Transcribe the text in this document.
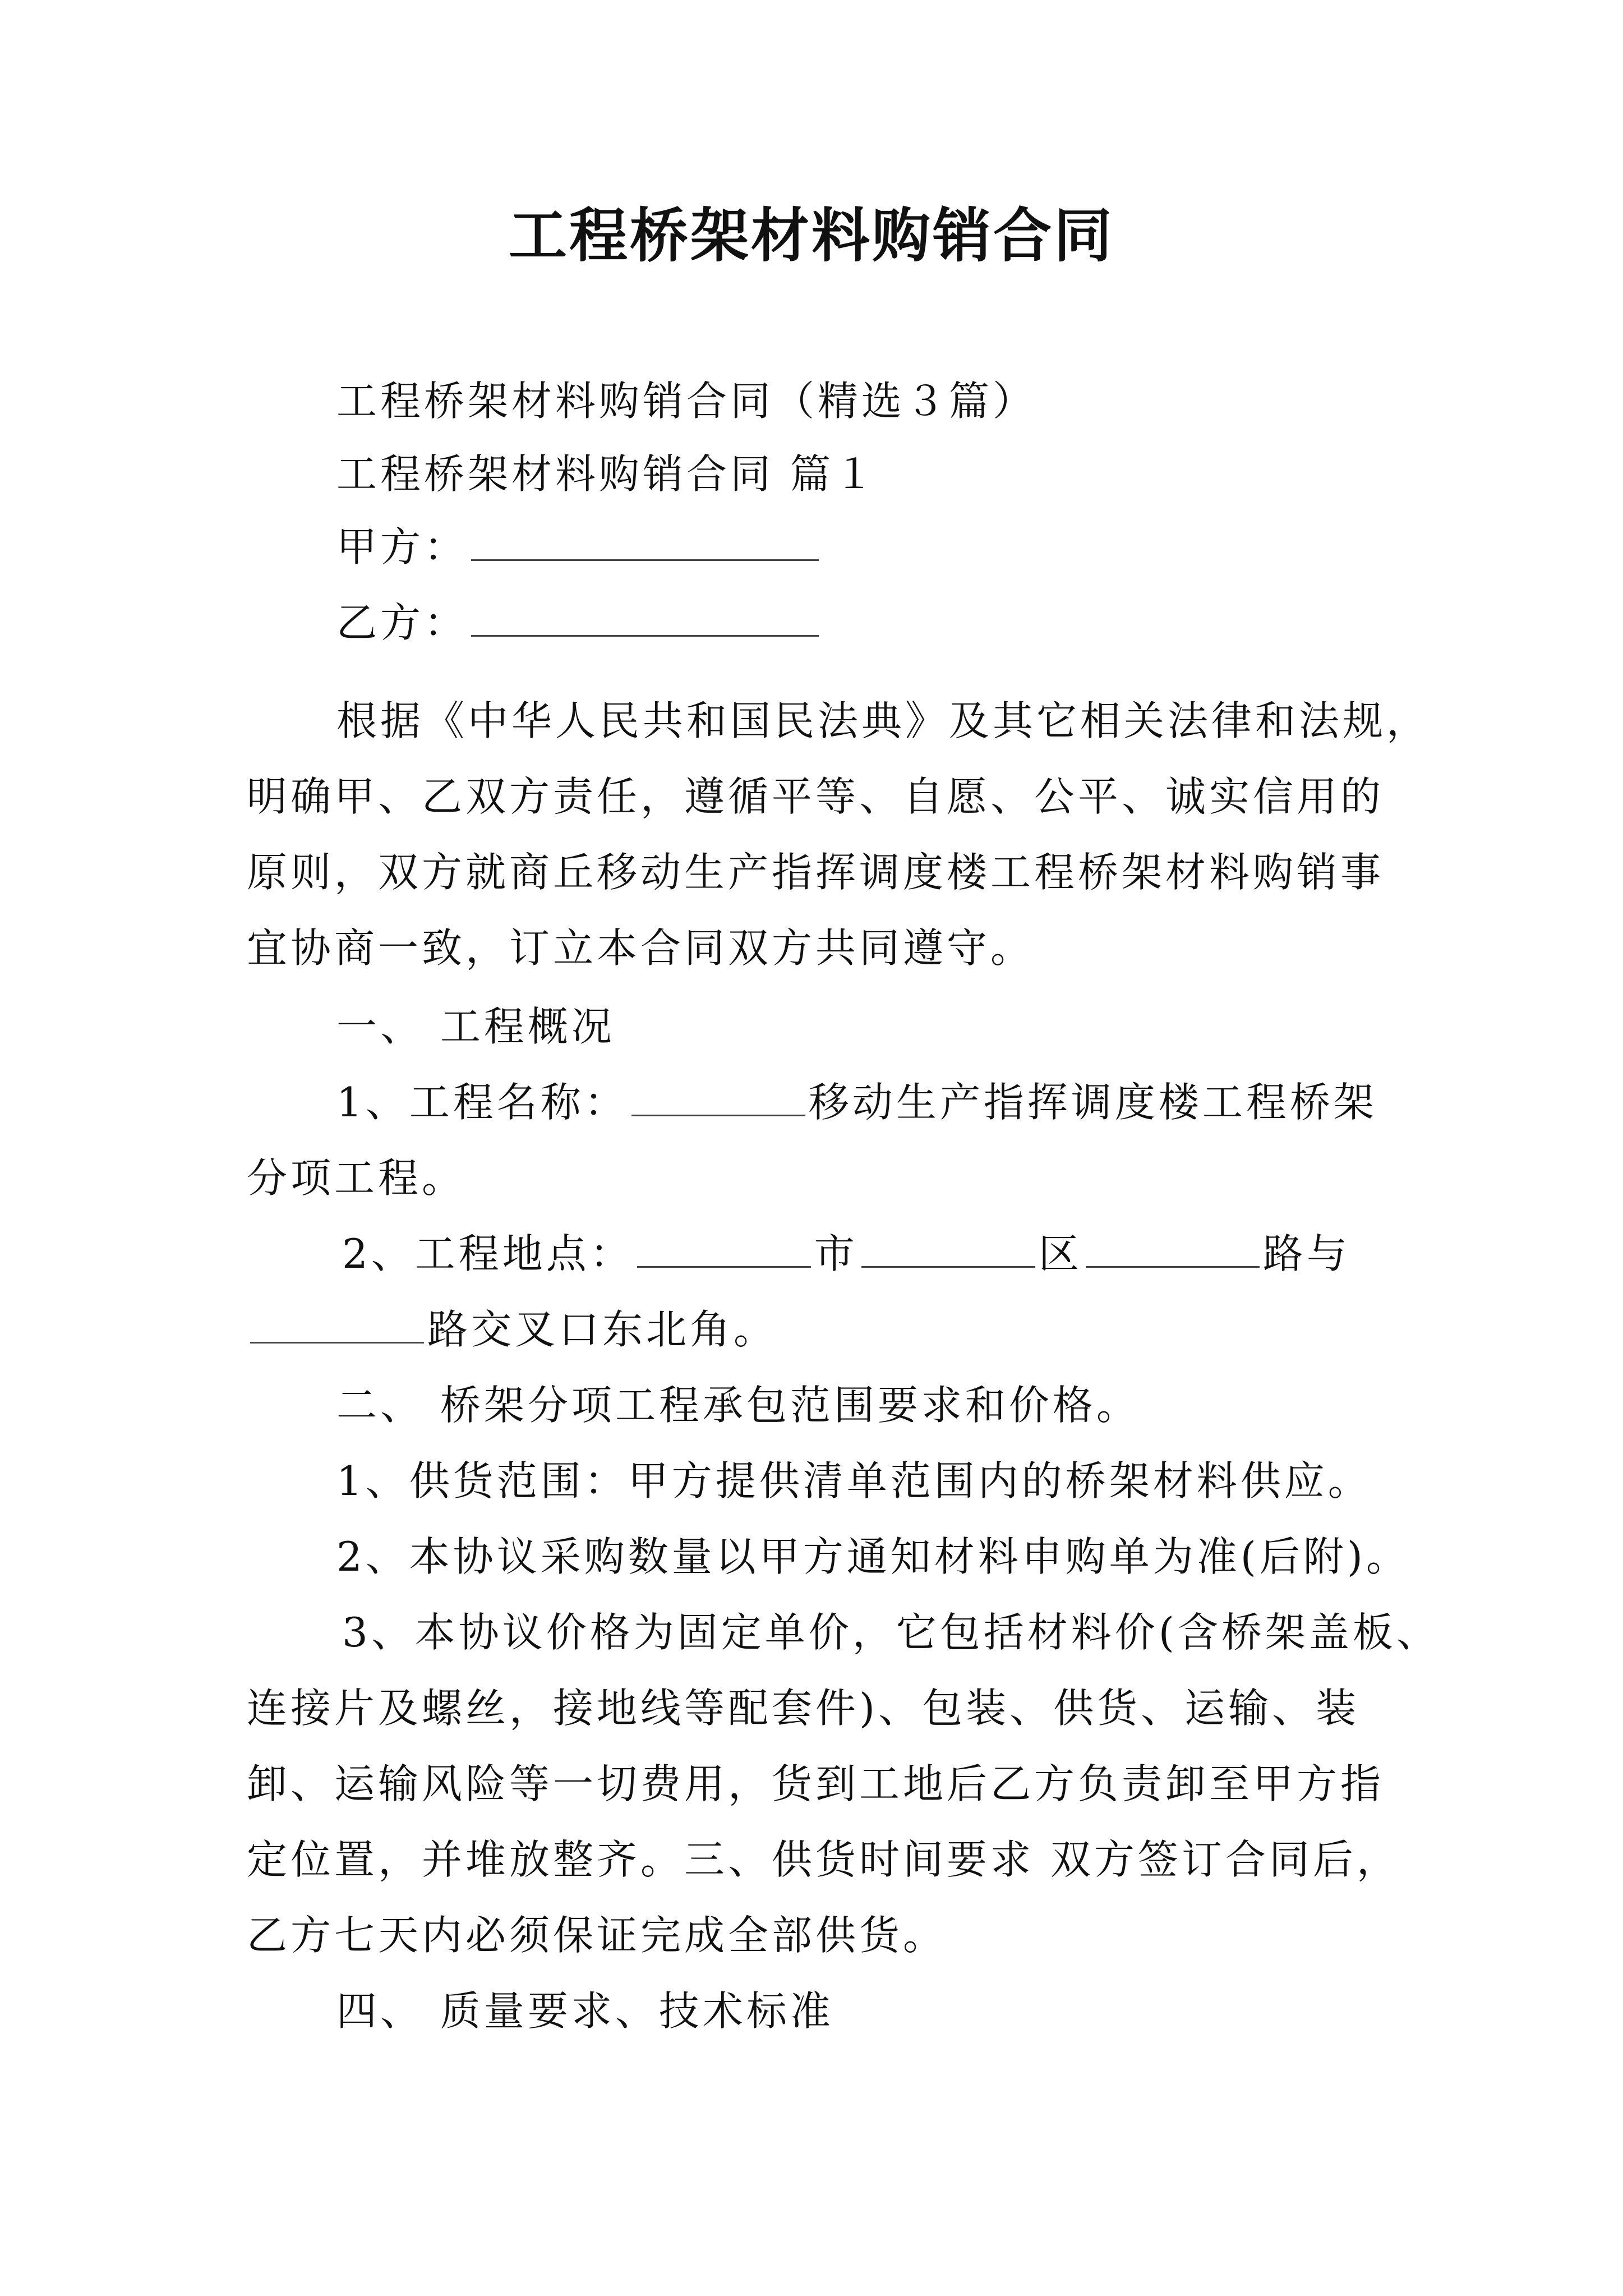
工程桥架材料购销合同
工程桥架材料购销合同（精选３篇）
工程桥架材料购销合同 篇１
甲方：
乙方：
根据《中华人民共和国民法典》及其它相关法律和法规，
明确甲、乙双方责任，遵循平等、自愿、公平、诚实信用的
原则，双方就商丘移动生产指挥调度楼工程桥架材料购销事
宜协商一致，订立本合同双方共同遵守。
一、 工程概况
1、工程名称：	移动生产指挥调度楼工程桥架
分项工程。
2、工程地点：	市	区	路与
路交叉口东北角。
二、 桥架分项工程承包范围要求和价格。
1、供货范围：甲方提供清单范围内的桥架材料供应。
2、本协议采购数量以甲方通知材料申购单为准(后附)。
3、本协议价格为固定单价，它包括材料价(含桥架盖板、
连接片及螺丝，接地线等配套件)、包装、供货、运输、装
卸、运输风险等一切费用，货到工地后乙方负责卸至甲方指
定位置，并堆放整齐。三、供货时间要求 双方签订合同后，
乙方七天内必须保证完成全部供货。
四、 质量要求、技术标准
